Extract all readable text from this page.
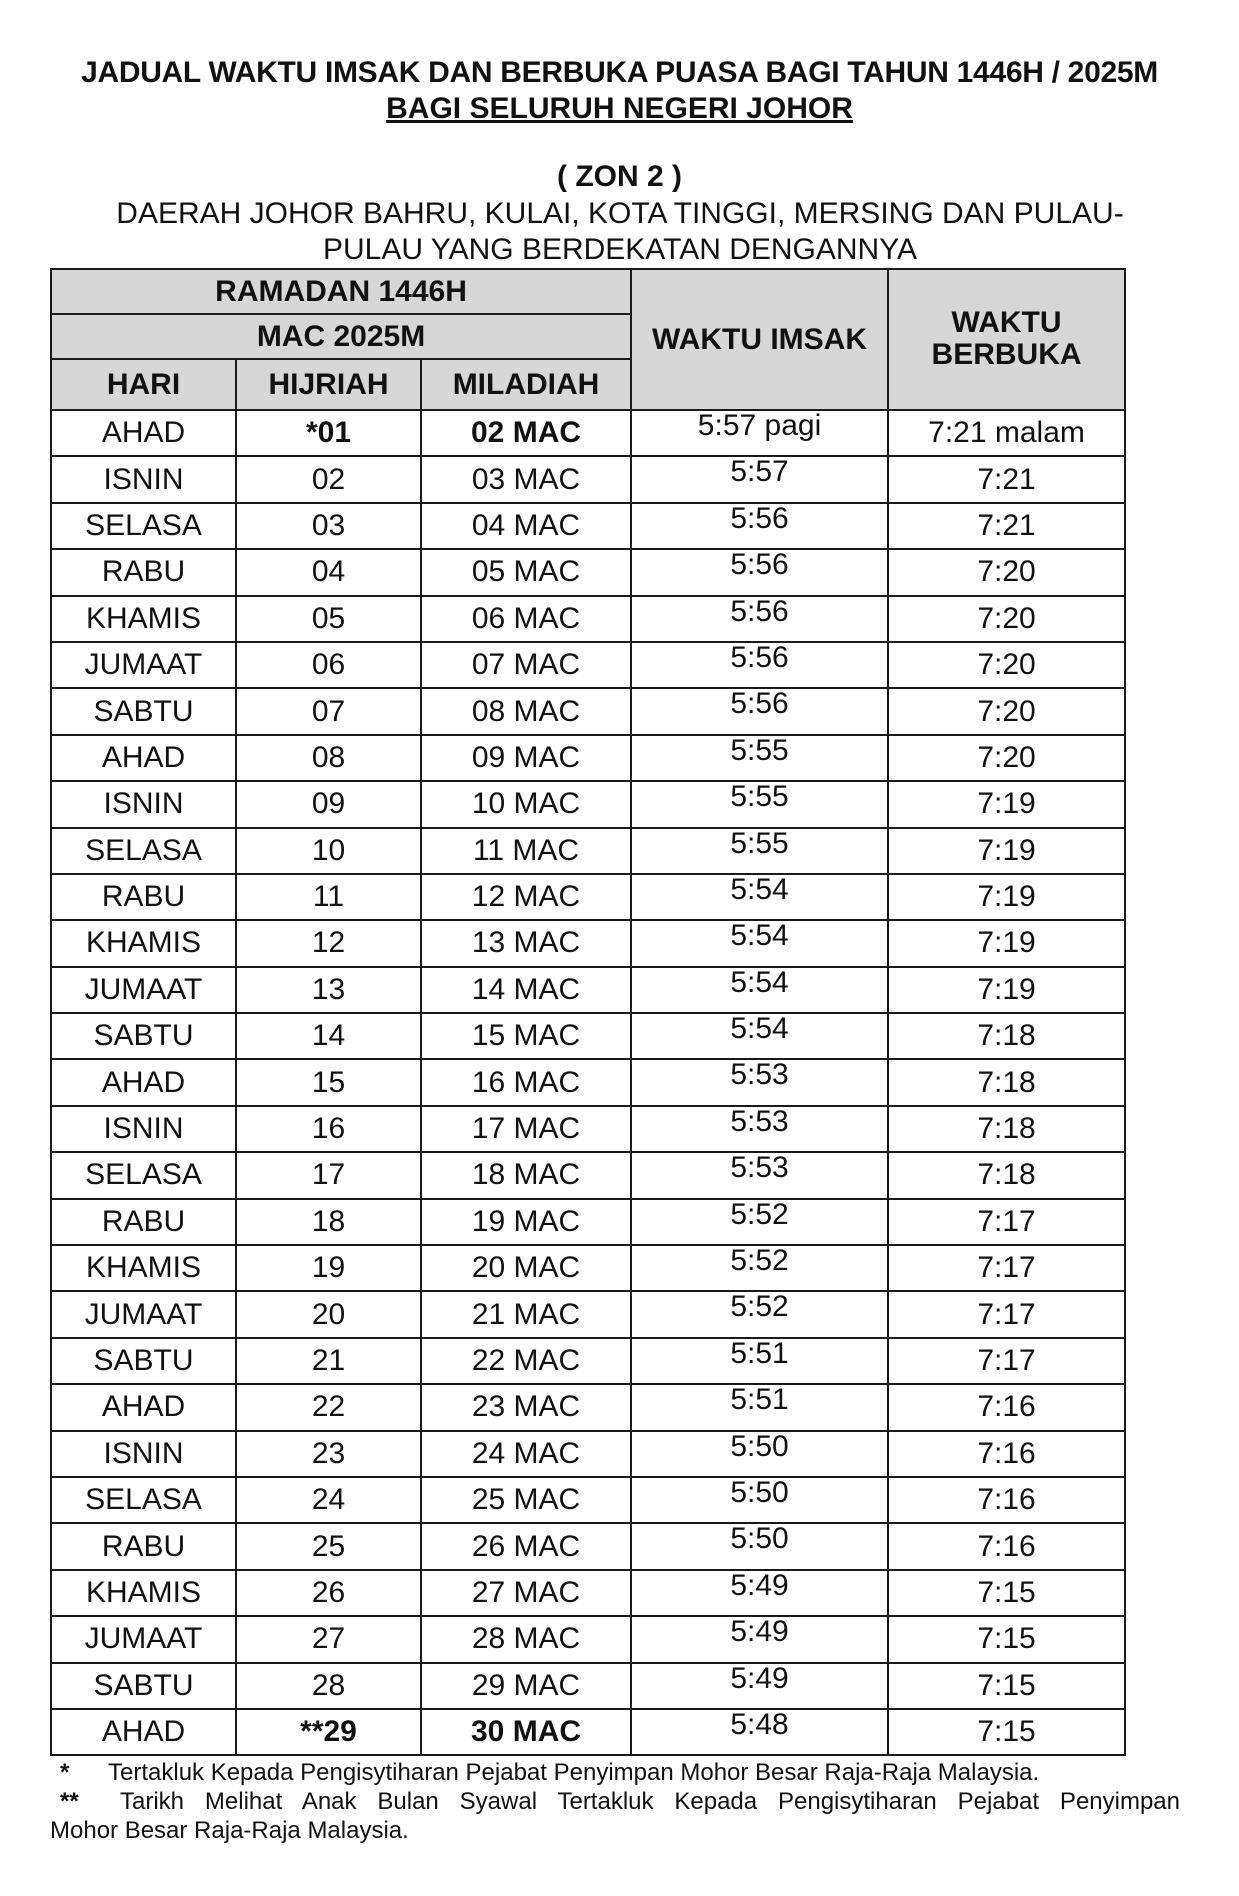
JADUAL WAKTU IMSAK DAN BERBUKA PUASA BAGI TAHUN 1446H / 2025M
BAGI SELURUH NEGERI JOHOR
( ZON 2 )
DAERAH JOHOR BAHRU, KULAI, KOTA TINGGI, MERSING DAN PULAU-
PULAU YANG BERDEKATAN DENGANNYA
RAMADAN 1446H			WAKTU IMSAK	WAKTU BERBUKA
MAC 2025M				
HARI	HIJRIAH	MILADIAH		
AHAD	*01	02 MAC	5:57 pagi	7:21 malam
ISNIN	02	03 MAC	5:57	7:21
SELASA	03	04 MAC	5:56	7:21
RABU	04	05 MAC	5:56	7:20
KHAMIS	05	06 MAC	5:56	7:20
JUMAAT	06	07 MAC	5:56	7:20
SABTU	07	08 MAC	5:56	7:20
AHAD	08	09 MAC	5:55	7:20
ISNIN	09	10 MAC	5:55	7:19
SELASA	10	11 MAC	5:55	7:19
RABU	11	12 MAC	5:54	7:19
KHAMIS	12	13 MAC	5:54	7:19
JUMAAT	13	14 MAC	5:54	7:19
SABTU	14	15 MAC	5:54	7:18
AHAD	15	16 MAC	5:53	7:18
ISNIN	16	17 MAC	5:53	7:18
SELASA	17	18 MAC	5:53	7:18
RABU	18	19 MAC	5:52	7:17
KHAMIS	19	20 MAC	5:52	7:17
JUMAAT	20	21 MAC	5:52	7:17
SABTU	21	22 MAC	5:51	7:17
AHAD	22	23 MAC	5:51	7:16
ISNIN	23	24 MAC	5:50	7:16
SELASA	24	25 MAC	5:50	7:16
RABU	25	26 MAC	5:50	7:16
KHAMIS	26	27 MAC	5:49	7:15
JUMAAT	27	28 MAC	5:49	7:15
SABTU	28	29 MAC	5:49	7:15
AHAD	**29	30 MAC	5:48	7:15
*	Tertakluk Kepada Pengisytiharan Pejabat Penyimpan Mohor Besar Raja-Raja Malaysia.
**	Tarikh Melihat Anak Bulan Syawal Tertakluk Kepada Pengisytiharan Pejabat Penyimpan
Mohor Besar Raja-Raja Malaysia.
